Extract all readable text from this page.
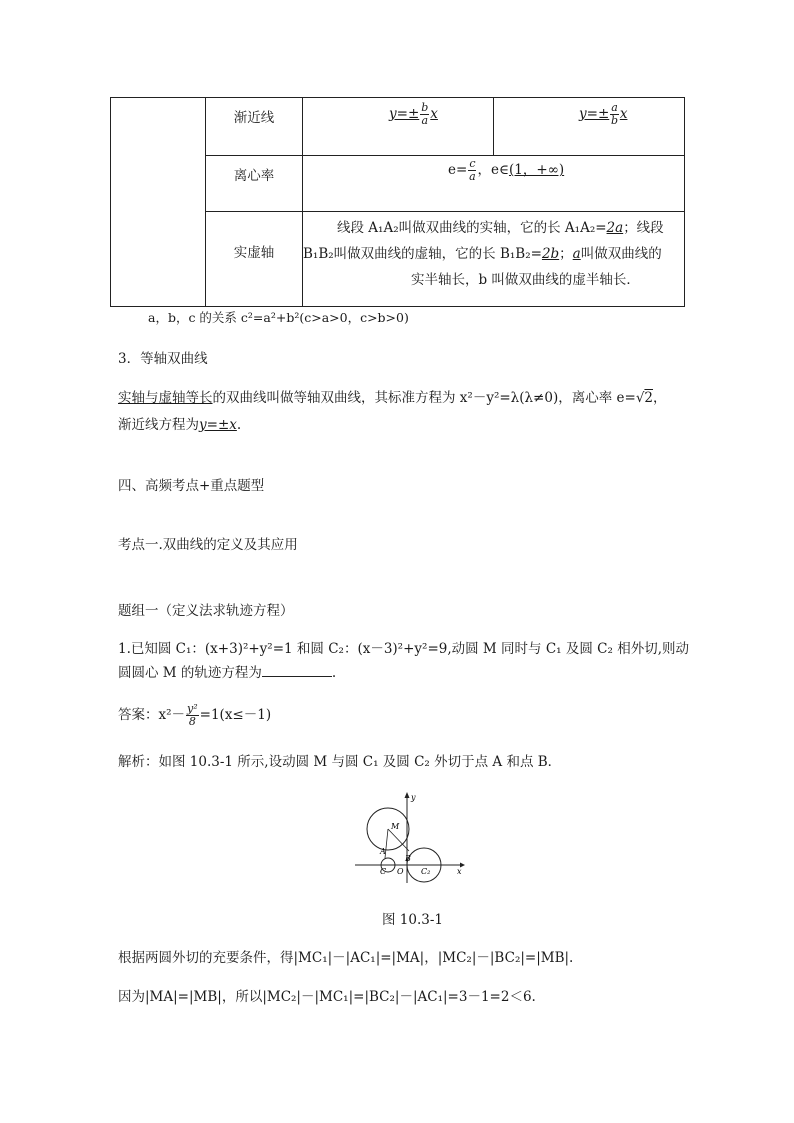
渐近线	$y=\pm \frac{b}{a}$ x	$y=\pm \frac{a}{b}$ x
离心率	$e= \frac{c}{a}$ ，e∈(1，+∞)
实虚轴
线段 A₁A₂叫做双曲线的实轴，它的长 A₁A₂=2a；线段
B₁B₂叫做双曲线的虚轴，它的长 B₁B₂=2b；a叫做双曲线的
实半轴长，b 叫做双曲线的虚半轴长．
a，b，c 的关系 c²=a²+b²(c>a>0，c>b>0)
3．等轴双曲线
实轴与虚轴等长的双曲线叫做等轴双曲线，其标准方程为 x²－y²=λ(λ≠0)，离心率 e=√2，
渐近线方程为y=±x.
四、高频考点+重点题型
考点一.双曲线的定义及其应用
题组一（定义法求轨迹方程）
1.已知圆 C₁：(x+3)²+y²=1 和圆 C₂：(x－3)²+y²=9,动圆 M 同时与 C₁ 及圆 C₂ 相外切,则动
圆圆心 M 的轨迹方程为	.
答案：$x^2- \frac{\text{y²}}{8} =1(x\le-1)$
解析：如图 10.3-1 所示,设动圆 M 与圆 C₁ 及圆 C₂ 外切于点 A 和点 B．
y
x
M
A
B
O
C	C₂
图 10.3-1
根据两圆外切的充要条件，得|MC₁|－|AC₁|=|MA|，|MC₂|－|BC₂|=|MB|.
因为|MA|=|MB|，所以|MC₂|－|MC₁|=|BC₂|－|AC₁|=3－1=2＜6.
